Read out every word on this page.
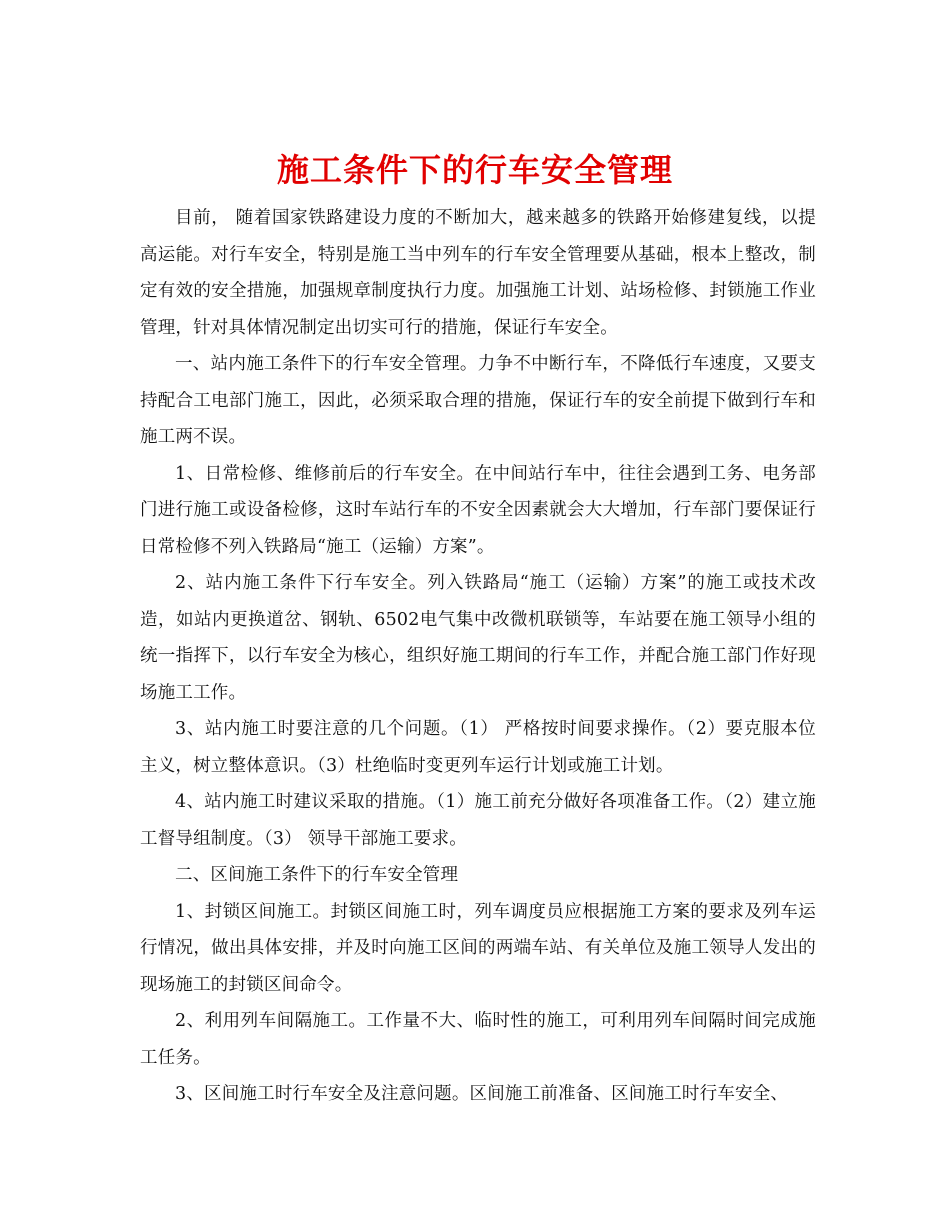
施工条件下的行车安全管理

目前， 随着国家铁路建设力度的不断加大，越来越多的铁路开始修建复线，以提高运能。对行车安全，特别是施工当中列车的行车安全管理要从基础，根本上整改，制定有效的安全措施，加强规章制度执行力度。加强施工计划、站场检修、封锁施工作业管理，针对具体情况制定出切实可行的措施，保证行车安全。

一、站内施工条件下的行车安全管理。力争不中断行车，不降低行车速度，又要支持配合工电部门施工，因此，必须采取合理的措施，保证行车的安全前提下做到行车和施工两不误。

1、日常检修、维修前后的行车安全。在中间站行车中，往往会遇到工务、电务部门进行施工或设备检修，这时车站行车的不安全因素就会大大增加，行车部门要保证行日常检修不列入铁路局“施工（运输）方案”。

2、站内施工条件下行车安全。列入铁路局“施工（运输）方案”的施工或技术改造，如站内更换道岔、钢轨、6502电气集中改微机联锁等，车站要在施工领导小组的统一指挥下，以行车安全为核心，组织好施工期间的行车工作，并配合施工部门作好现场施工工作。

3、站内施工时要注意的几个问题。（1） 严格按时间要求操作。（2）要克服本位主义，树立整体意识。（3）杜绝临时变更列车运行计划或施工计划。

4、站内施工时建议采取的措施。（1）施工前充分做好各项准备工作。（2）建立施工督导组制度。（3） 领导干部施工要求。

二、区间施工条件下的行车安全管理

1、封锁区间施工。封锁区间施工时，列车调度员应根据施工方案的要求及列车运行情况，做出具体安排，并及时向施工区间的两端车站、有关单位及施工领导人发出的现场施工的封锁区间命令。

2、利用列车间隔施工。工作量不大、临时性的施工，可利用列车间隔时间完成施工任务。

3、区间施工时行车安全及注意问题。区间施工前准备、区间施工时行车安全、
